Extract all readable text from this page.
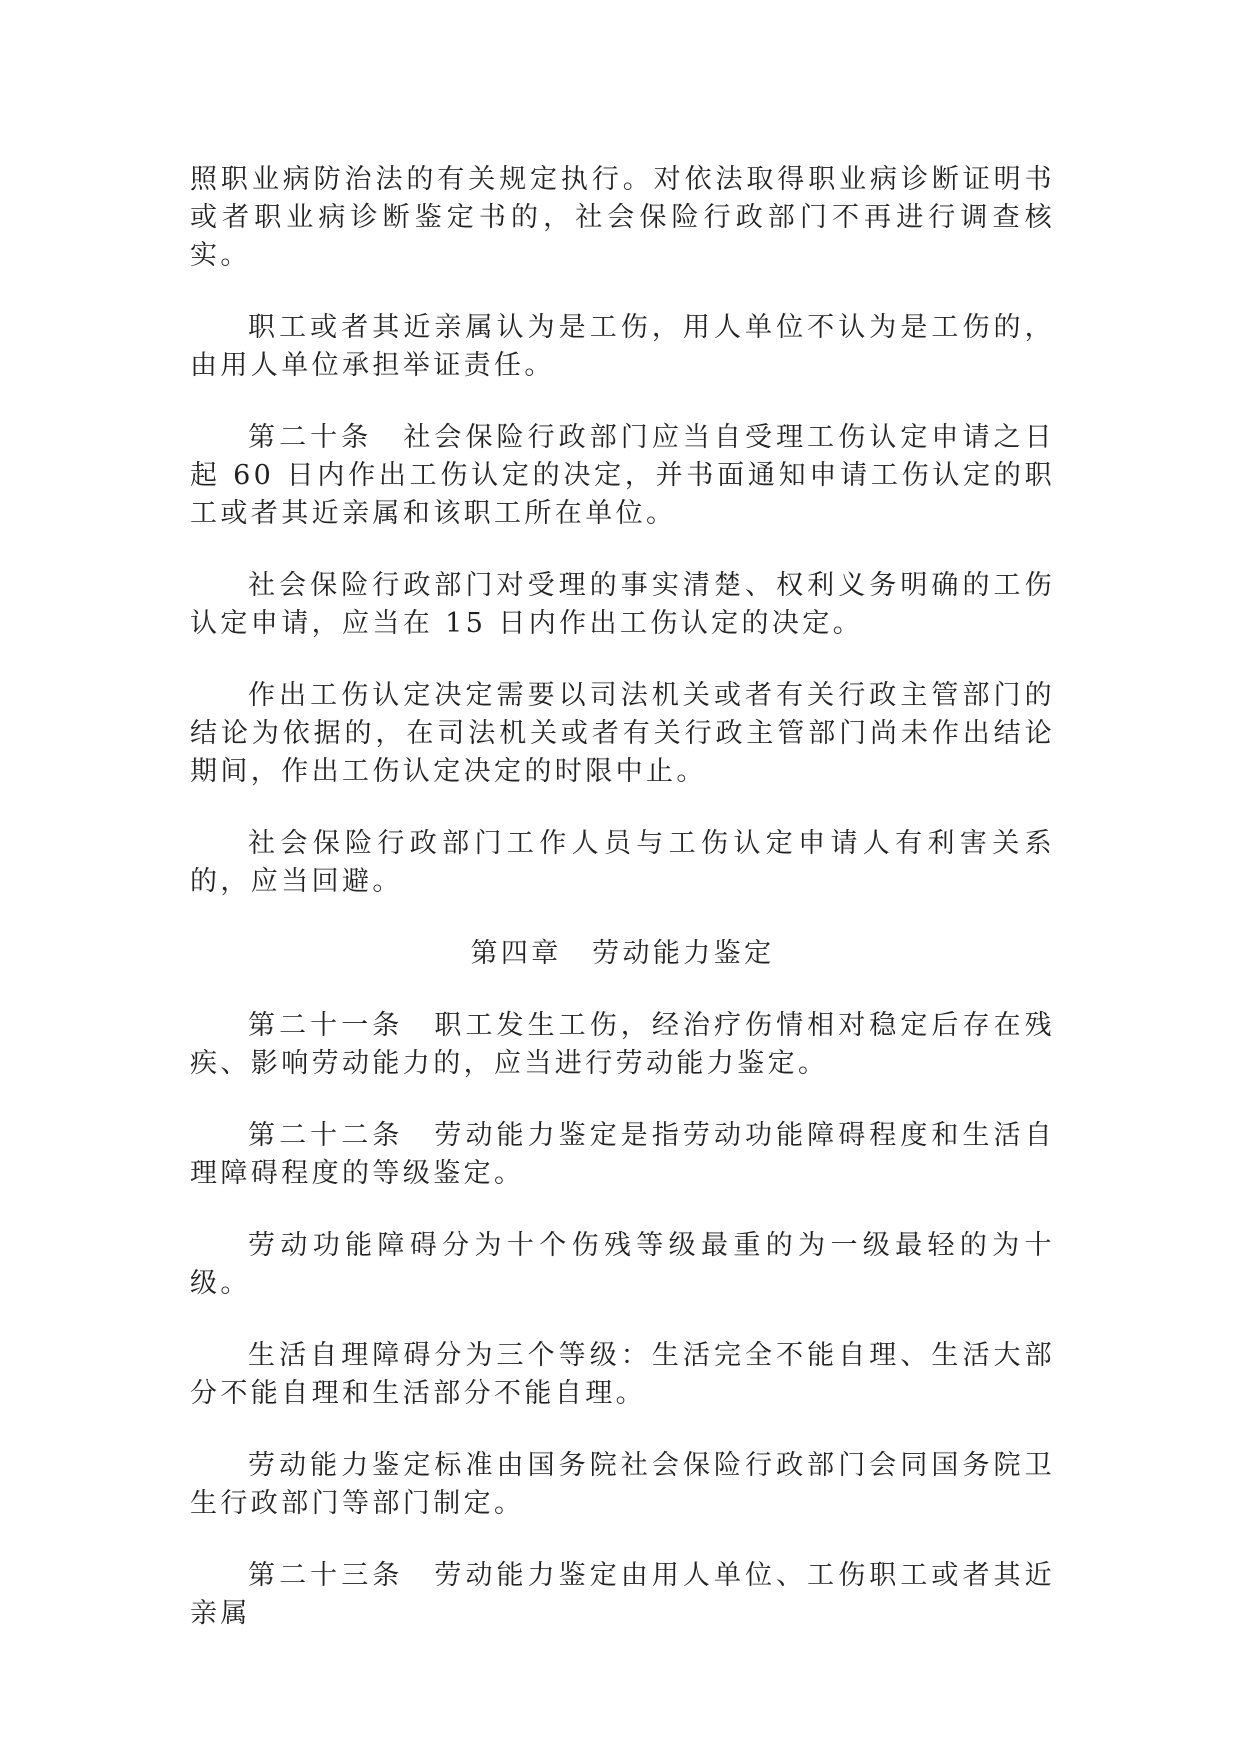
照职业病防治法的有关规定执行。对依法取得职业病诊断证明书或者职业病诊断鉴定书的，社会保险行政部门不再进行调查核实。

职工或者其近亲属认为是工伤，用人单位不认为是工伤的，由用人单位承担举证责任。

第二十条　社会保险行政部门应当自受理工伤认定申请之日起 60 日内作出工伤认定的决定，并书面通知申请工伤认定的职工或者其近亲属和该职工所在单位。

社会保险行政部门对受理的事实清楚、权利义务明确的工伤认定申请，应当在 15 日内作出工伤认定的决定。

作出工伤认定决定需要以司法机关或者有关行政主管部门的结论为依据的，在司法机关或者有关行政主管部门尚未作出结论期间，作出工伤认定决定的时限中止。

社会保险行政部门工作人员与工伤认定申请人有利害关系的，应当回避。

第四章　劳动能力鉴定

第二十一条　职工发生工伤，经治疗伤情相对稳定后存在残疾、影响劳动能力的，应当进行劳动能力鉴定。

第二十二条　劳动能力鉴定是指劳动功能障碍程度和生活自理障碍程度的等级鉴定。

劳动功能障碍分为十个伤残等级最重的为一级最轻的为十级。

生活自理障碍分为三个等级：生活完全不能自理、生活大部分不能自理和生活部分不能自理。

劳动能力鉴定标准由国务院社会保险行政部门会同国务院卫生行政部门等部门制定。

第二十三条　劳动能力鉴定由用人单位、工伤职工或者其近亲属
